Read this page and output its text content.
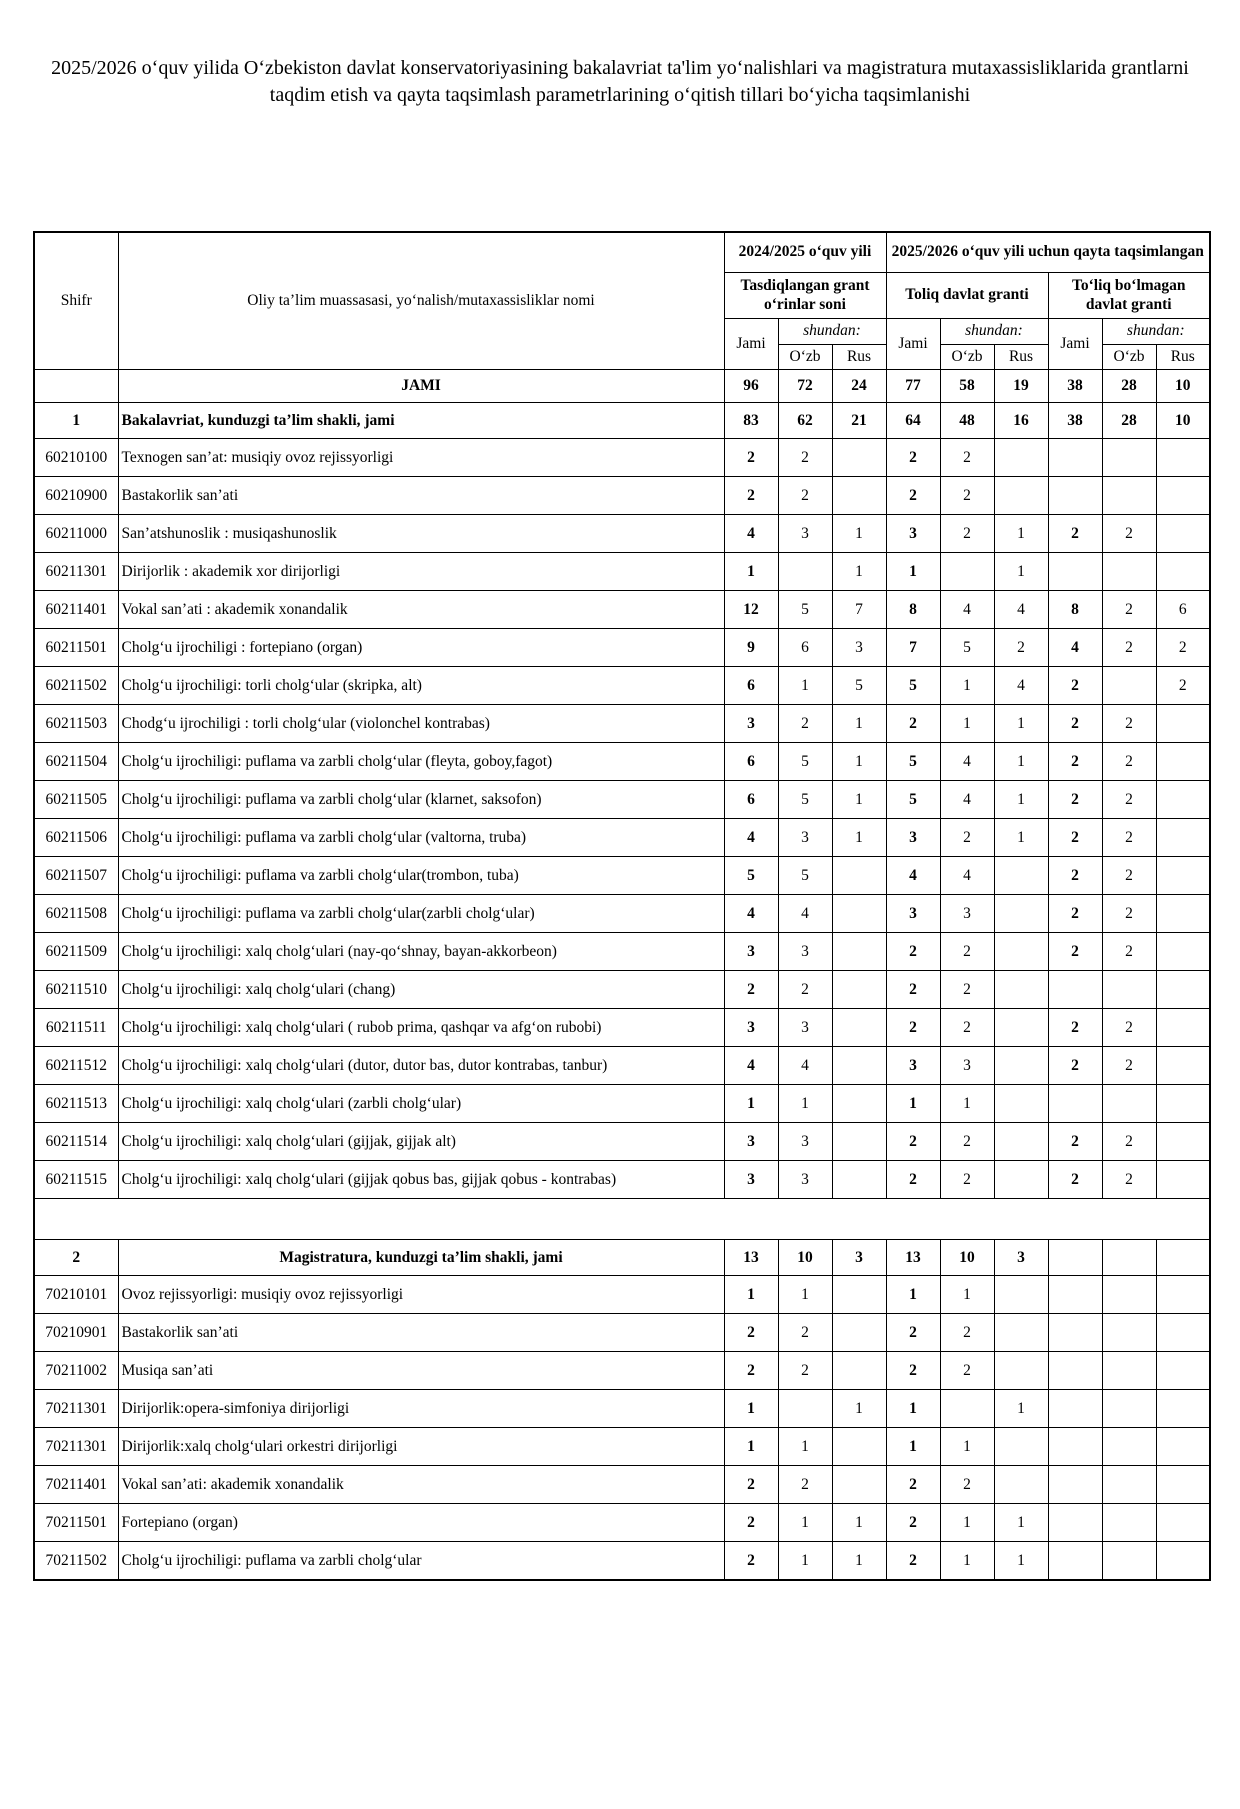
2025/2026 o‘quv yilida O‘zbekiston davlat konservatoriyasining bakalavriat ta'lim yo‘nalishlari va magistratura mutaxassisliklarida grantlarni taqdim etish va qayta taqsimlash parametrlarining o‘qitish tillari bo‘yicha taqsimlanishi
Shifr	Oliy ta’lim muassasasi, yo‘nalish/mutaxassisliklar nomi	2024/2025 o‘quv yili			2025/2026 o‘quv yili uchun qayta taqsimlangan					
		Tasdiqlangan grant o‘rinlar soni			Toliq davlat granti			To‘liq bo‘lmagan davlat granti		
		Jami	shundan:		Jami	shundan:		Jami	shundan:	
			O‘zb	Rus		O‘zb	Rus		O‘zb	Rus
	JAMI	96	72	24	77	58	19	38	28	10
1	Bakalavriat, kunduzgi ta’lim shakli, jami	83	62	21	64	48	16	38	28	10
60210100	Texnogen san’at: musiqiy ovoz rejissyorligi	2	2		2	2				
60210900	Bastakorlik san’ati	2	2		2	2				
60211000	San’atshunoslik : musiqashunoslik	4	3	1	3	2	1	2	2	
60211301	Dirijorlik : akademik xor dirijorligi	1		1	1		1			
60211401	Vokal san’ati : akademik xonandalik	12	5	7	8	4	4	8	2	6
60211501	Cholg‘u ijrochiligi : fortepiano (organ)	9	6	3	7	5	2	4	2	2
60211502	Cholg‘u ijrochiligi: torli cholg‘ular (skripka, alt)	6	1	5	5	1	4	2		2
60211503	Chodg‘u ijrochiligi : torli cholg‘ular (violonchel kontrabas)	3	2	1	2	1	1	2	2	
60211504	Cholg‘u ijrochiligi: puflama va zarbli cholg‘ular (fleyta, goboy,fagot)	6	5	1	5	4	1	2	2	
60211505	Cholg‘u ijrochiligi: puflama va zarbli cholg‘ular (klarnet, saksofon)	6	5	1	5	4	1	2	2	
60211506	Cholg‘u ijrochiligi: puflama va zarbli cholg‘ular (valtorna, truba)	4	3	1	3	2	1	2	2	
60211507	Cholg‘u ijrochiligi: puflama va zarbli cholg‘ular(trombon, tuba)	5	5		4	4		2	2	
60211508	Cholg‘u ijrochiligi: puflama va zarbli cholg‘ular(zarbli cholg‘ular)	4	4		3	3		2	2	
60211509	Cholg‘u ijrochiligi: xalq cholg‘ulari (nay-qo‘shnay, bayan-akkorbeon)	3	3		2	2		2	2	
60211510	Cholg‘u ijrochiligi: xalq cholg‘ulari (chang)	2	2		2	2				
60211511	Cholg‘u ijrochiligi: xalq cholg‘ulari ( rubob prima, qashqar va afg‘on rubobi)	3	3		2	2		2	2	
60211512	Cholg‘u ijrochiligi: xalq cholg‘ulari (dutor, dutor bas, dutor kontrabas, tanbur)	4	4		3	3		2	2	
60211513	Cholg‘u ijrochiligi: xalq cholg‘ulari (zarbli cholg‘ular)	1	1		1	1				
60211514	Cholg‘u ijrochiligi: xalq cholg‘ulari (gijjak, gijjak alt)	3	3		2	2		2	2	
60211515	Cholg‘u ijrochiligi: xalq cholg‘ulari (gijjak qobus bas, gijjak qobus - kontrabas)	3	3		2	2		2	2	

2	Magistratura, kunduzgi ta’lim shakli, jami	13	10	3	13	10	3			
70210101	Ovoz rejissyorligi: musiqiy ovoz rejissyorligi	1	1		1	1				
70210901	Bastakorlik san’ati	2	2		2	2				
70211002	Musiqa san’ati	2	2		2	2				
70211301	Dirijorlik:opera-simfoniya dirijorligi	1		1	1		1			
70211301	Dirijorlik:xalq cholg‘ulari orkestri dirijorligi	1	1		1	1				
70211401	Vokal san’ati: akademik xonandalik	2	2		2	2				
70211501	Fortepiano (organ)	2	1	1	2	1	1			
70211502	Cholg‘u ijrochiligi: puflama va zarbli cholg‘ular	2	1	1	2	1	1			
